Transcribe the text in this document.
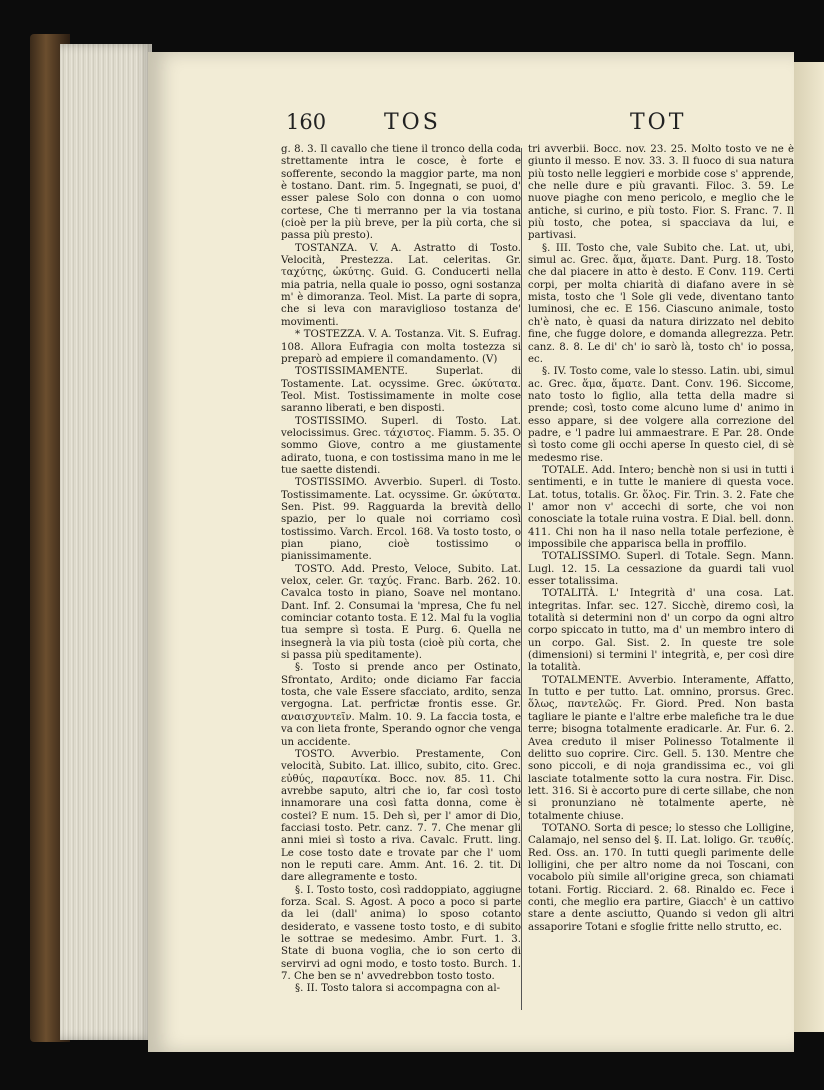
160	TOS	TOT

g. 8. 3. Il cavallo che tiene il tronco della coda strettamente intra le cosce, è forte e sofferente, secondo la maggior parte, ma non è tostano. Dant. rim. 5. Ingegnati, se puoi, d' esser palese Solo con donna o con uomo cortese, Che ti merranno per la via tostana (cioè per la più breve, per la più corta, che si passa più presto).

TOSTANZA. V. A. Astratto di Tosto. Velocità, Prestezza. Lat. celeritas. Gr. ταχύτης, ὠκύτης. Guid. G. Conducerti nella mia patria, nella quale io posso, ogni sostanza m' è dimoranza. Teol. Mist. La parte di sopra, che si leva con maraviglioso tostanza de' movimenti.

* TOSTEZZA. V. A. Tostanza. Vit. S. Eufrag. 108. Allora Eufragia con molta tostezza si preparò ad empiere il comandamento. (V)

TOSTISSIMAMENTE. Superlat. di Tostamente. Lat. ocyssime. Grec. ὠκύτατα. Teol. Mist. Tostissimamente in molte cose saranno liberati, e ben disposti.

TOSTISSIMO. Superl. di Tosto. Lat. velocissimus. Grec. τάχιστος. Fiamm. 5. 35. O sommo Giove, contro a me giustamente adirato, tuona, e con tostissima mano in me le tue saette distendi.

TOSTISSIMO. Avverbio. Superl. di Tosto. Tostissimamente. Lat. ocyssime. Gr. ὠκύτατα. Sen. Pist. 99. Ragguarda la brevità dello spazio, per lo quale noi corriamo così tostissimo. Varch. Ercol. 168. Va tosto tosto, o pian piano, cioè tostissimo o pianissimamente.

TOSTO. Add. Presto, Veloce, Subito. Lat. velox, celer. Gr. ταχύς. Franc. Barb. 262. 10. Cavalca tosto in piano, Soave nel montano. Dant. Inf. 2. Consumai la 'mpresa, Che fu nel cominciar cotanto tosta. E 12. Mal fu la voglia tua sempre sì tosta. E Purg. 6. Quella ne insegnerà la via più tosta (cioè più corta, che si passa più speditamente).

§. Tosto si prende anco per Ostinato, Sfrontato, Ardito; onde diciamo Far faccia tosta, che vale Essere sfacciato, ardito, senza vergogna. Lat. perfrictæ frontis esse. Gr. αναισχυντεῖν. Malm. 10. 9. La faccia tosta, e va con lieta fronte, Sperando ognor che venga un accidente.

TOSTO. Avverbio. Prestamente, Con velocità, Subito. Lat. illico, subito, cito. Grec. εὐθύς, παραυτίκα. Bocc. nov. 85. 11. Chi avrebbe saputo, altri che io, far così tosto innamorare una così fatta donna, come è costei? E num. 15. Deh sì, per l' amor di Dio, facciasi tosto. Petr. canz. 7. 7. Che menar gli anni miei sì tosto a riva. Cavalc. Frutt. ling. Le cose tosto date e trovate par che l' uom non le reputi care. Amm. Ant. 16. 2. tit. Di dare allegramente e tosto.

§. I. Tosto tosto, così raddoppiato, aggiugne forza. Scal. S. Agost. A poco a poco si parte da lei (dall' anima) lo sposo cotanto desiderato, e vassene tosto tosto, e di subito le sottrae se medesimo. Ambr. Furt. 1. 3. State di buona voglia, che io son certo di servirvi ad ogni modo, e tosto tosto. Burch. 1. 7. Che ben se n' avvedrebbon tosto tosto.

§. II. Tosto talora si accompagna con al-

tri avverbii. Bocc. nov. 23. 25. Molto tosto ve ne è giunto il messo. E nov. 33. 3. Il fuoco di sua natura più tosto nelle leggieri e morbide cose s' apprende, che nelle dure e più gravanti. Filoc. 3. 59. Le nuove piaghe con meno pericolo, e meglio che le antiche, si curino, e più tosto. Fior. S. Franc. 7. Il più tosto, che potea, si spacciava da lui, e partivasi.

§. III. Tosto che, vale Subito che. Lat. ut, ubi, simul ac. Grec. ἅμα, ἅματε. Dant. Purg. 18. Tosto che dal piacere in atto è desto. E Conv. 119. Certi corpi, per molta chiarità di diafano avere in sè mista, tosto che 'l Sole gli vede, diventano tanto luminosi, che ec. E 156. Ciascuno animale, tosto ch'è nato, è quasi da natura dirizzato nel debito fine, che fugge dolore, e domanda allegrezza. Petr. canz. 8. 8. Le di' ch' io sarò là, tosto ch' io possa, ec.

§. IV. Tosto come, vale lo stesso. Latin. ubi, simul ac. Grec. ἅμα, ἅματε. Dant. Conv. 196. Siccome, nato tosto lo figlio, alla tetta della madre si prende; così, tosto come alcuno lume d' animo in esso appare, si dee volgere alla correzione del padre, e 'l padre lui ammaestrare. E Par. 28. Onde sì tosto come gli occhi aperse In questo ciel, di sè medesmo rise.

TOTALE. Add. Intero; benchè non si usi in tutti i sentimenti, e in tutte le maniere di questa voce. Lat. totus, totalis. Gr. ὅλος. Fir. Trin. 3. 2. Fate che l' amor non v' accechi di sorte, che voi non conosciate la totale ruina vostra. E Dial. bell. donn. 411. Chi non ha il naso nella totale perfezione, è impossibile che apparisca bella in proffilo.

TOTALISSIMO. Superl. di Totale. Segn. Mann. Lugl. 12. 15. La cessazione da guardi tali vuol esser totalissima.

TOTALITÀ. L' Integrità d' una cosa. Lat. integritas. Infar. sec. 127. Sicchè, diremo così, la totalità si determini non d' un corpo da ogni altro corpo spiccato in tutto, ma d' un membro intero di un corpo. Gal. Sist. 2. In queste tre sole (dimensioni) si termini l' integrità, e, per così dire la totalità.

TOTALMENTE. Avverbio. Interamente, Affatto, In tutto e per tutto. Lat. omnino, prorsus. Grec. ὅλως, παντελῶς. Fr. Giord. Pred. Non basta tagliare le piante e l'altre erbe malefiche tra le due terre; bisogna totalmente eradicarle. Ar. Fur. 6. 2. Avea creduto il miser Polinesso Totalmente il delitto suo coprire. Circ. Gell. 5. 130. Mentre che sono piccoli, e di noja grandissima ec., voi gli lasciate totalmente sotto la cura nostra. Fir. Disc. lett. 316. Si è accorto pure di certe sillabe, che non si pronunziano nè totalmente aperte, nè totalmente chiuse.

TOTANO. Sorta di pesce; lo stesso che Lolligine, Calamajo, nel senso del §. II. Lat. loligo. Gr. τευθίς. Red. Oss. an. 170. In tutti quegli parimente delle lolligini, che per altro nome da noi Toscani, con vocabolo più simile all'origine greca, son chiamati totani. Fortig. Ricciard. 2. 68. Rinaldo ec. Fece i conti, che meglio era partire, Giacch' è un cattivo stare a dente asciutto, Quando si vedon gli altri assaporire Totani e sfoglie fritte nello strutto, ec.
